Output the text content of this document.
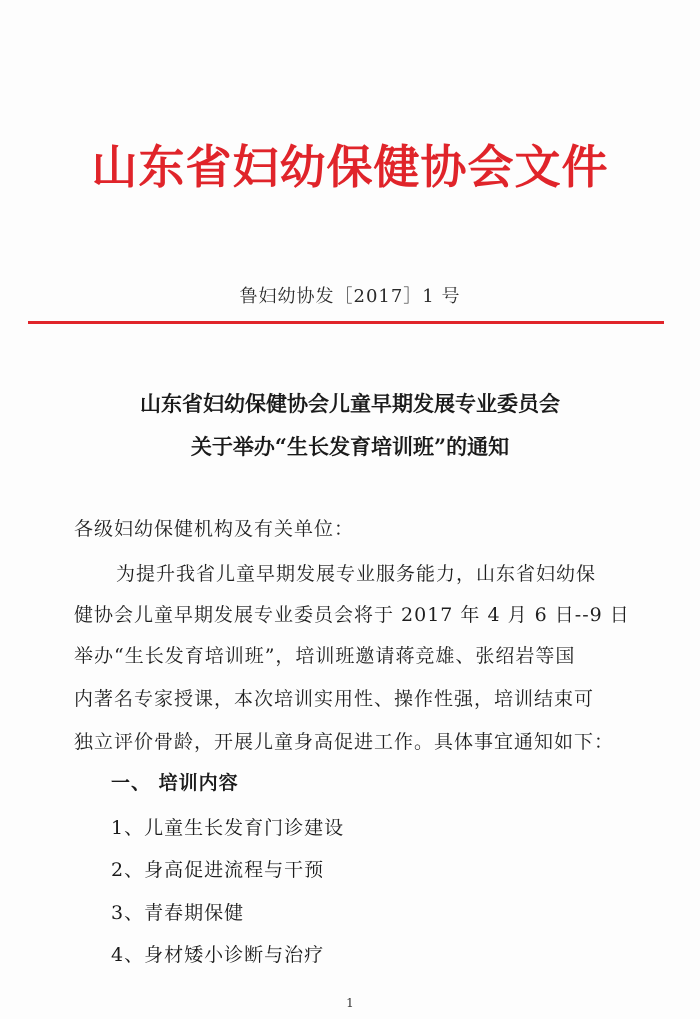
山东省妇幼保健协会文件
鲁妇幼协发［2017］1 号
山东省妇幼保健协会儿童早期发展专业委员会
关于举办“生长发育培训班”的通知
各级妇幼保健机构及有关单位：
为提升我省儿童早期发展专业服务能力，山东省妇幼保
健协会儿童早期发展专业委员会将于 2017 年 4 月 6 日--9 日
举办“生长发育培训班”，培训班邀请蒋竞雄、张绍岩等国
内著名专家授课，本次培训实用性、操作性强，培训结束可
独立评价骨龄，开展儿童身高促进工作。具体事宜通知如下：
一、 培训内容
1、儿童生长发育门诊建设
2、身高促进流程与干预
3、青春期保健
4、身材矮小诊断与治疗
1
